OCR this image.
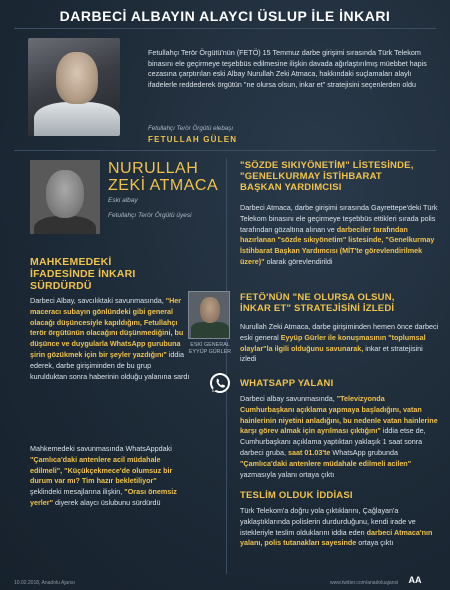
DARBECİ ALBAYIN ALAYCI ÜSLUP İLE İNKARI
Fetullahçı Terör Örgütü'nün (FETÖ) 15 Temmuz darbe girişimi sırasında Türk Telekom binasını ele geçirmeye teşebbüs edilmesine ilişkin davada ağırlaştırılmış müebbet hapis cezasına çarptırılan eski Albay Nurullah Zeki Atmaca, hakkındaki suçlamaları alaylı ifadelerle reddederek örgütün "ne olursa olsun, inkar et" stratejisini seçenlerden oldu
Fetullahçı Terör Örgütü elebaşı
FETULLAH GÜLEN
NURULLAH
ZEKİ ATMACA
Eski albay
Fetullahçı Terör Örgütü üyesi
MAHKEMEDEKİ
İFADESİNDE İNKARI
SÜRDÜRDÜ
Darbeci Albay, savcılıktaki savunmasında, "Her maceracı subayın gönlündeki gibi general olacağı düşüncesiyle kapıldığını, Fetullahçı terör örgütünün olacağını düşünmediğini, bu düşünce ve duygularla WhatsApp gurubuna şirin gözükmek için bir şeyler yazdığını" iddia ederek, darbe girişiminden de bu grup kurulduktan sonra haberinin olduğu yalanına sardı
Mahkemedeki savunmasında WhatsAppdaki "Çamlıca'daki antenlere acil müdahale edilmeli", "Küçükçekmece'de olumsuz bir durum var mı? Tim hazır bekletiliyor" şeklindeki mesajlarına ilişkin, "Orası önemsiz yerler" diyerek alaycı üslubunu sürdürdü
"SÖZDE SIKIYÖNETİM" LİSTESİNDE,
"GENELKURMAY İSTİHBARAT
BAŞKAN YARDIMCISI
Darbeci Atmaca, darbe girişimi sırasında Gayrettepe'deki Türk Telekom binasını ele geçirmeye teşebbüs ettikleri sırada polis tarafından gözaltına alınan ve darbeciler tarafından hazırlanan "sözde sıkıyönetim" listesinde, "Genelkurmay İstihbarat Başkan Yardımcısı (MİT'te görevlendirilmek üzere)" olarak görevlendirildi
ESKİ GENERAL
EYYÜP GÜRLER
FETÖ'NÜN "NE OLURSA OLSUN,
İNKAR ET" STRATEJİSİNİ İZLEDİ
Nurullah Zeki Atmaca, darbe girişiminden hemen önce darbeci eski general Eyyüp Gürler ile konuşmasının "toplumsal olaylar"la ilgili olduğunu savunarak, inkar et stratejisini izledi
WHATSAPP YALANI
Darbeci albay savunmasında, "Televizyonda Cumhurbaşkanı açıklama yapmaya başladığını, vatan hainlerinin niyetini anladığını, bu nedenle vatan hainlerine karşı görev almak için ayrılması çıktığını" iddia etse de, Cumhurbaşkanı açıklama yaptıktan yaklaşık 1 saat sonra darbeci gruba, saat 01.03'te WhatsApp grubunda "Çamlıca'daki antenlere müdahale edilmeli acilen" yazmasıyla yalanı ortaya çıktı
TESLİM OLDUK İDDİASI
Türk Telekom'a doğru yola çıktıklarını, Çağlayan'a yaklaştıklarında polislerin durdurduğunu, kendi irade ve istekleriyle teslim olduklarını iddia eden darbeci Atmaca'nın yalanı, polis tutanakları sayesinde ortaya çıktı
10.02.2018, Anadolu Ajansı	www.twitter.com/anadoluajansi	AA
